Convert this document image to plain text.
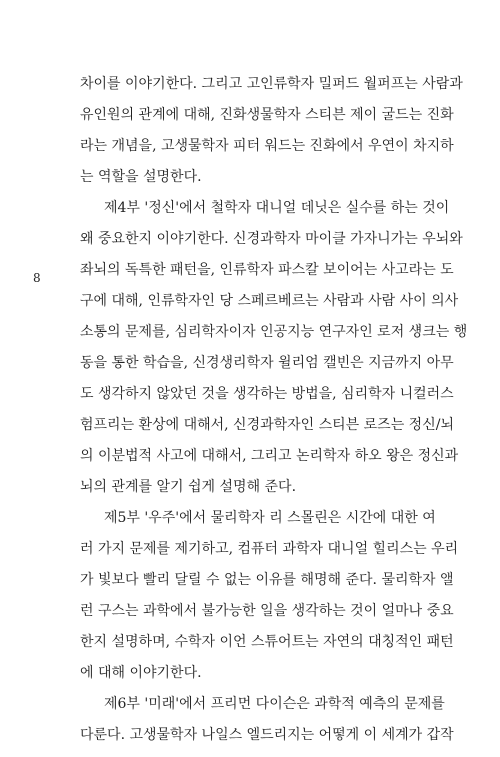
8
차이를 이야기한다. 그리고 고인류학자 밀퍼드 월퍼프는 사람과
유인원의 관계에 대해, 진화생물학자 스티븐 제이 굴드는 진화
라는 개념을, 고생물학자 피터 워드는 진화에서 우연이 차지하
는 역할을 설명한다.
제4부 '정신'에서 철학자 대니얼 데닛은 실수를 하는 것이
왜 중요한지 이야기한다. 신경과학자 마이클 가자니가는 우뇌와
좌뇌의 독특한 패턴을, 인류학자 파스칼 보이어는 사고라는 도
구에 대해, 인류학자인 당 스페르베르는 사람과 사람 사이 의사
소통의 문제를, 심리학자이자 인공지능 연구자인 로저 섕크는 행
동을 통한 학습을, 신경생리학자 윌리엄 캘빈은 지금까지 아무
도 생각하지 않았던 것을 생각하는 방법을, 심리학자 니컬러스
험프리는 환상에 대해서, 신경과학자인 스티븐 로즈는 정신/뇌
의 이분법적 사고에 대해서, 그리고 논리학자 하오 왕은 정신과
뇌의 관계를 알기 쉽게 설명해 준다.
제5부 '우주'에서 물리학자 리 스몰린은 시간에 대한 여
러 가지 문제를 제기하고, 컴퓨터 과학자 대니얼 힐리스는 우리
가 빛보다 빨리 달릴 수 없는 이유를 해명해 준다. 물리학자 앨
런 구스는 과학에서 불가능한 일을 생각하는 것이 얼마나 중요
한지 설명하며, 수학자 이언 스튜어트는 자연의 대칭적인 패턴
에 대해 이야기한다.
제6부 '미래'에서 프리먼 다이슨은 과학적 예측의 문제를
다룬다. 고생물학자 나일스 엘드리지는 어떻게 이 세계가 갑작
